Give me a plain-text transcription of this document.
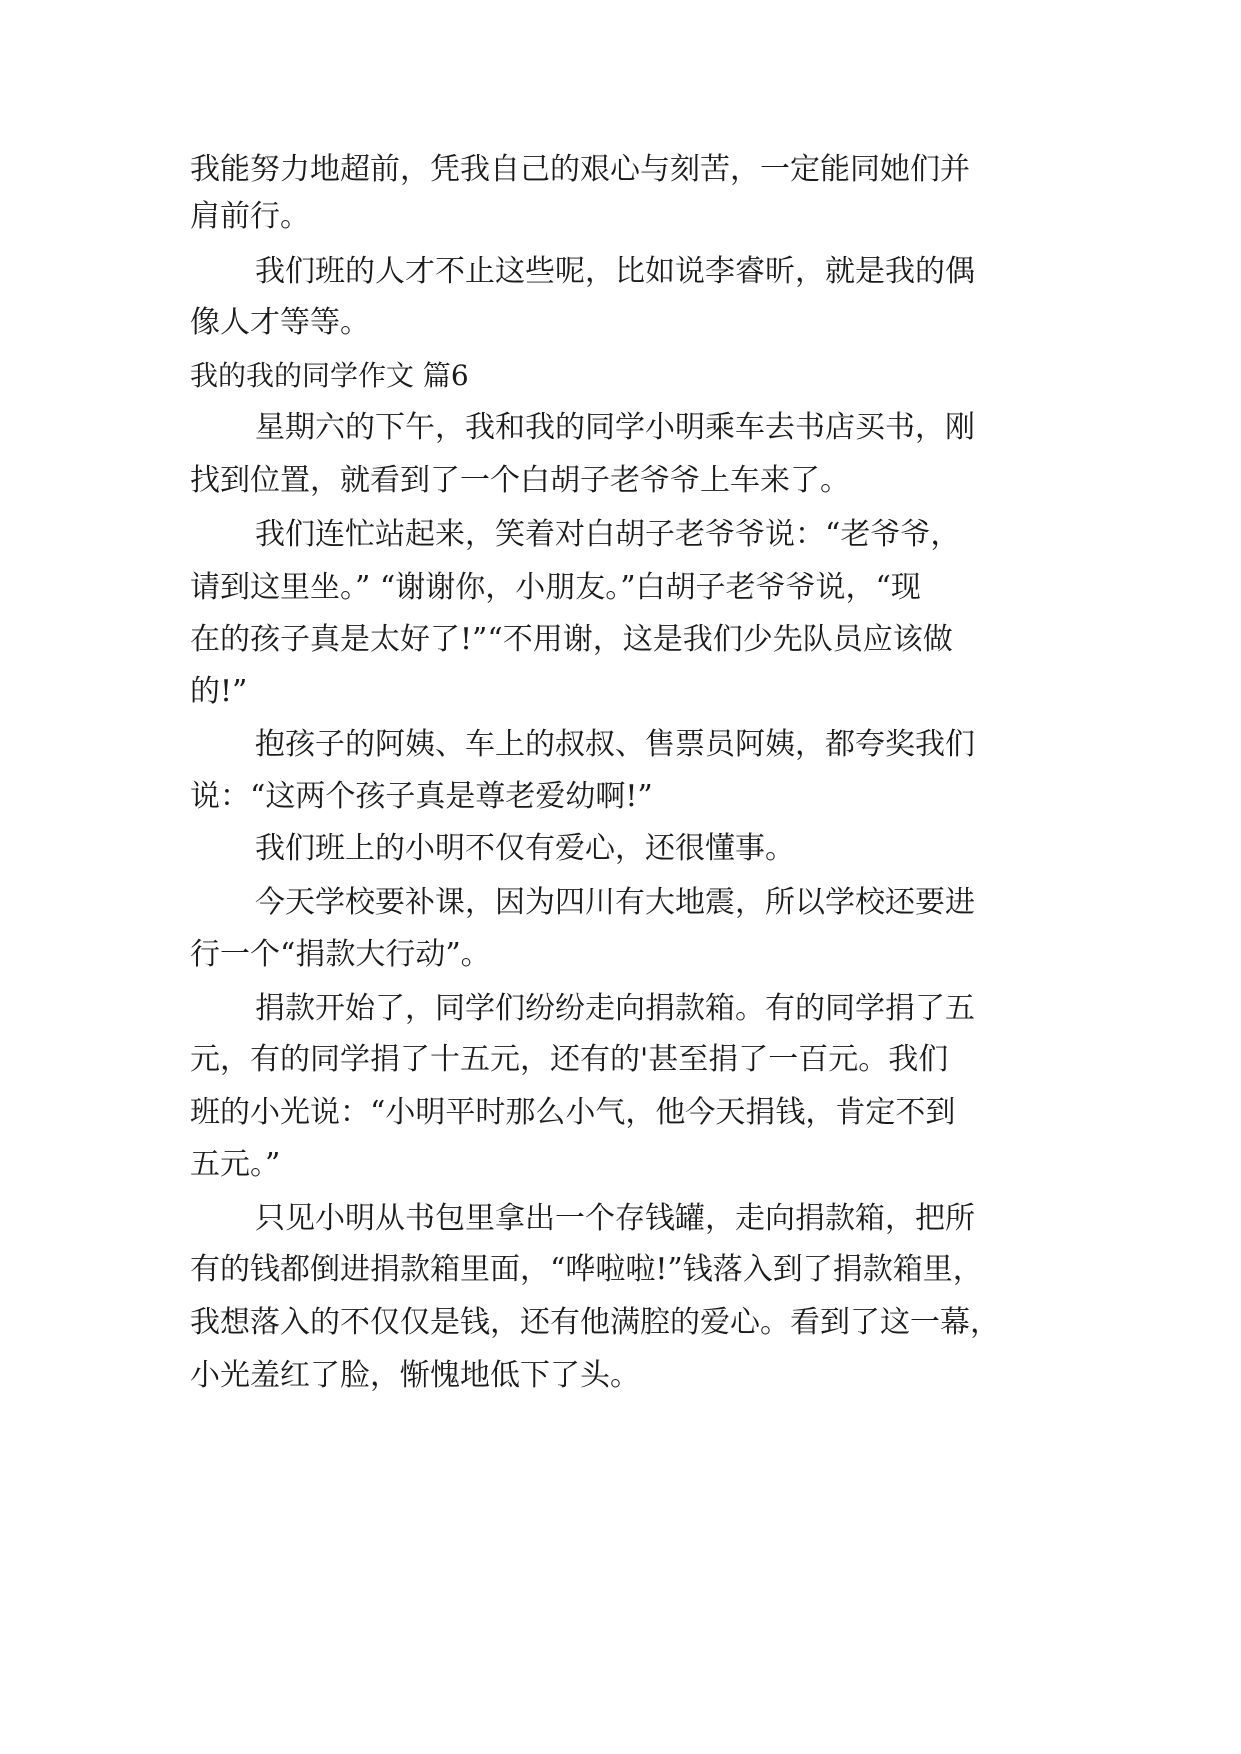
我能努力地超前，凭我自己的艰心与刻苦，一定能同她们并
肩前行。
我们班的人才不止这些呢，比如说李睿昕，就是我的偶
像人才等等。
我的我的同学作文 篇6
星期六的下午，我和我的同学小明乘车去书店买书，刚
找到位置，就看到了一个白胡子老爷爷上车来了。
我们连忙站起来，笑着对白胡子老爷爷说：“老爷爷，
请到这里坐。” “谢谢你，小朋友。”白胡子老爷爷说，“现
在的孩子真是太好了!”“不用谢，这是我们少先队员应该做
的!”
抱孩子的阿姨、车上的叔叔、售票员阿姨，都夸奖我们
说：“这两个孩子真是尊老爱幼啊!”
我们班上的小明不仅有爱心，还很懂事。
今天学校要补课，因为四川有大地震，所以学校还要进
行一个“捐款大行动”。
捐款开始了，同学们纷纷走向捐款箱。有的同学捐了五
元，有的同学捐了十五元，还有的'甚至捐了一百元。我们
班的小光说：“小明平时那么小气，他今天捐钱，肯定不到
五元。”
只见小明从书包里拿出一个存钱罐，走向捐款箱，把所
有的钱都倒进捐款箱里面，“哗啦啦!”钱落入到了捐款箱里，
我想落入的不仅仅是钱，还有他满腔的爱心。看到了这一幕，
小光羞红了脸，惭愧地低下了头。
